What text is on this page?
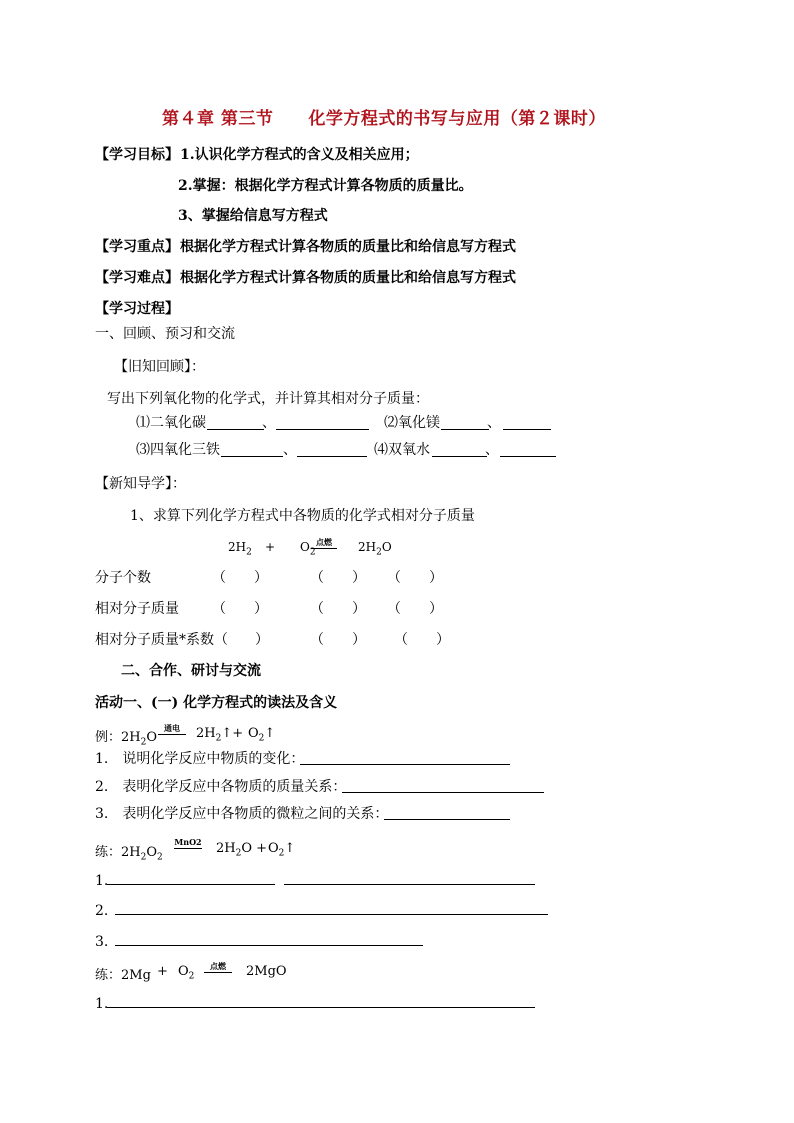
第４章 第三节　　化学方程式的书写与应用（第２课时）
【学习目标】 1.认识化学方程式的含义及相关应用；
2.掌握：根据化学方程式计算各物质的质量比。
3、掌握给信息写方程式
【学习重点】 根据化学方程式计算各物质的质量比和给信息写方程式
【学习难点】 根据化学方程式计算各物质的质量比和给信息写方程式
【学习过程】
一、回顾、预习和交流
【旧知回顾】：
写出下列氧化物的化学式，并计算其相对分子质量：
⑴二氧化碳	、	⑵氧化镁	、
⑶四氧化三铁	、	⑷双氧水	、
【新知导学】：
1、求算下列化学方程式中各物质的化学式相对分子质量
$2H_2 + O_2$
点燃	$2H_2O$
分子个数	（　　）	（　　） （　　）
相对分子质量 （　　）	（　　） （　　）
相对分子质量*系数（ ）	（　　） （　　）
二、合作、研讨与交流
活动一、(一) 化学方程式的读法及含义
例：$2H_2O$
通电	$2H_2↑+$ $O_2↑$
1.　说明化学反应中物质的变化：
2.　表明化学反应中各物质的质量关系：
3.　表明化学反应中各物质的微粒之间的关系：
练：$2H_2O_2$
MnO2 $2H_2O$ + $O_2↑$
1.
2.
3.
练：$2Mg + O_2$
点燃	2MgO
1.
